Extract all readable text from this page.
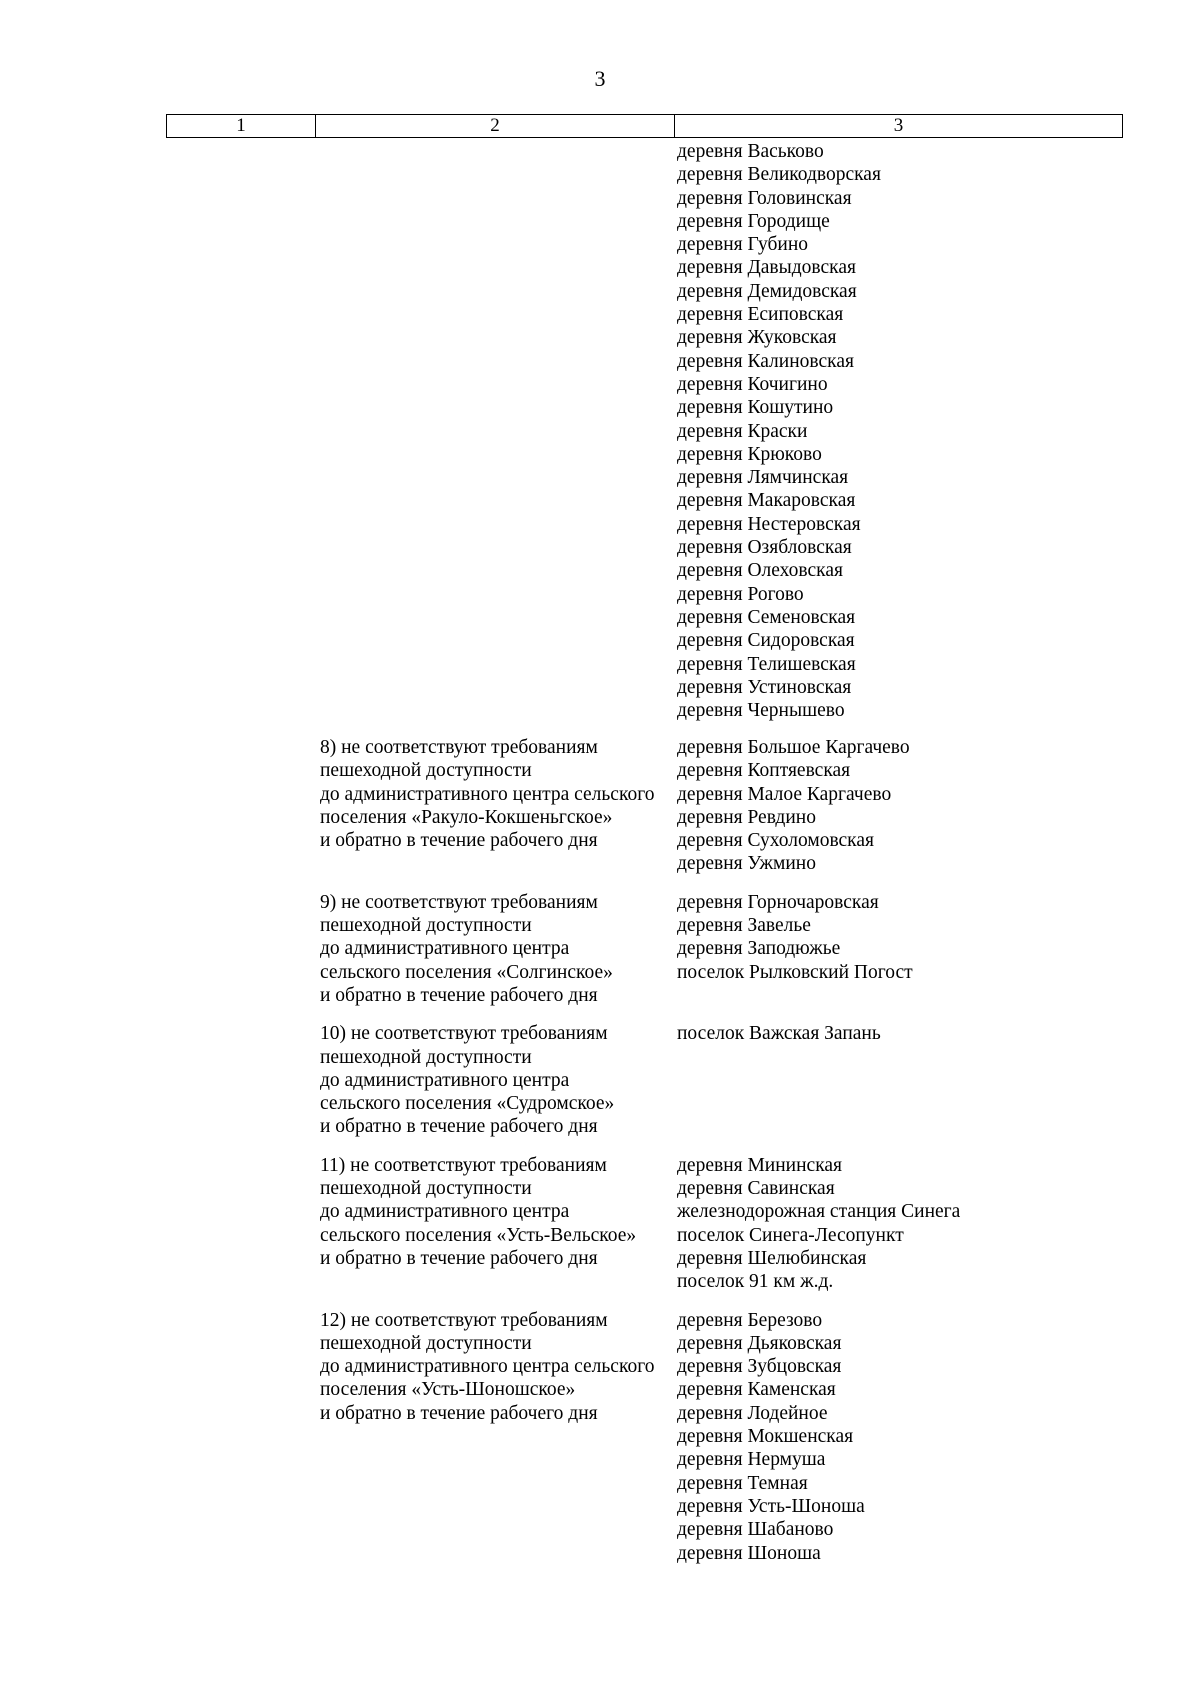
3
1	2	3
деревня Васьково
деревня Великодворская
деревня Головинская
деревня Городище
деревня Губино
деревня Давыдовская
деревня Демидовская
деревня Есиповская
деревня Жуковская
деревня Калиновская
деревня Кочигино
деревня Кошутино
деревня Краски
деревня Крюково
деревня Лямчинская
деревня Макаровская
деревня Нестеровская
деревня Озябловская
деревня Олеховская
деревня Рогово
деревня Семеновская
деревня Сидоровская
деревня Телишевская
деревня Устиновская
деревня Чернышево
8) не соответствуют требованиям
пешеходной доступности
до административного центра сельского
поселения «Ракуло-Кокшеньгское»
и обратно в течение рабочего дня
деревня Большое Каргачево
деревня Коптяевская
деревня Малое Каргачево
деревня Ревдино
деревня Сухоломовская
деревня Ужмино
9) не соответствуют требованиям
пешеходной доступности
до административного центра
сельского поселения «Солгинское»
и обратно в течение рабочего дня
деревня Горночаровская
деревня Завелье
деревня Заподюжье
поселок Рылковский Погост

10) не соответствуют требованиям
пешеходной доступности
до административного центра
сельского поселения «Судромское»
и обратно в течение рабочего дня
поселок Важская Запань

11) не соответствуют требованиям
пешеходной доступности
до административного центра
сельского поселения «Усть-Вельское»
и обратно в течение рабочего дня
деревня Мининская
деревня Савинская
железнодорожная станция Синега
поселок Синега-Лесопункт
деревня Шелюбинская
поселок 91 км ж.д.
12) не соответствуют требованиям
пешеходной доступности
до административного центра сельского
поселения «Усть-Шоношское»
и обратно в течение рабочего дня
деревня Березово
деревня Дьяковская
деревня Зубцовская
деревня Каменская
деревня Лодейное
деревня Мокшенская
деревня Нермуша
деревня Темная
деревня Усть-Шоноша
деревня Шабаново
деревня Шоноша
